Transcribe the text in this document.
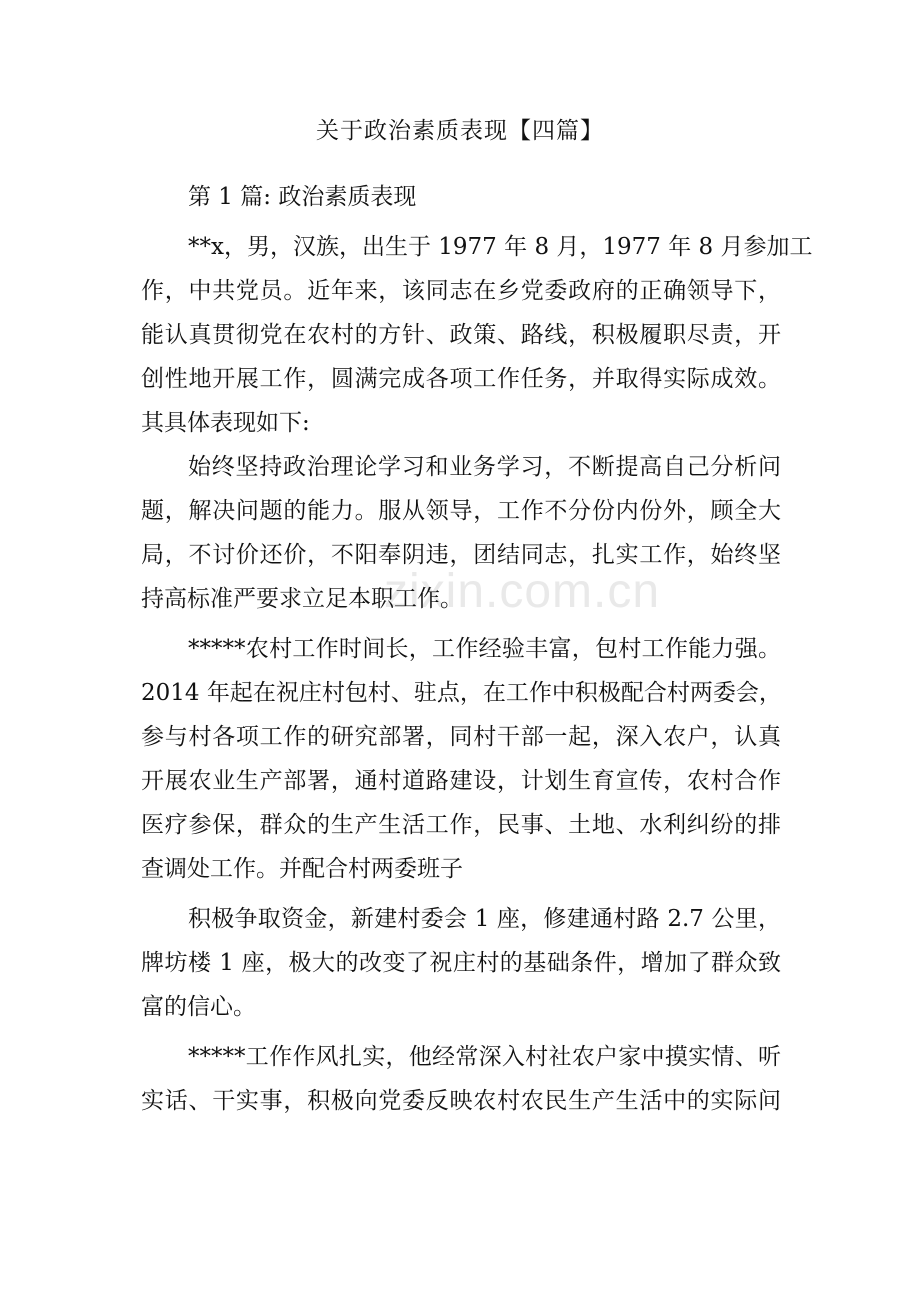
zixin.com.cn
关于政治素质表现【四篇】
第 1 篇: 政治素质表现
**x，男，汉族，出生于 1977 年 8 月，1977 年 8 月参加工
作，中共党员。近年来，该同志在乡党委政府的正确领导下，
能认真贯彻党在农村的方针、政策、路线，积极履职尽责，开
创性地开展工作，圆满完成各项工作任务，并取得实际成效。
其具体表现如下:
始终坚持政治理论学习和业务学习，不断提高自己分析问
题，解决问题的能力。服从领导，工作不分份内份外，顾全大
局，不讨价还价，不阳奉阴违，团结同志，扎实工作，始终坚
持高标准严要求立足本职工作。
*****农村工作时间长，工作经验丰富，包村工作能力强。
2014 年起在祝庄村包村、驻点，在工作中积极配合村两委会，
参与村各项工作的研究部署，同村干部一起，深入农户，认真
开展农业生产部署，通村道路建设，计划生育宣传，农村合作
医疗参保，群众的生产生活工作，民事、土地、水利纠纷的排
查调处工作。并配合村两委班子
积极争取资金，新建村委会 1 座，修建通村路 2.7 公里，
牌坊楼 1 座，极大的改变了祝庄村的基础条件，增加了群众致
富的信心。
*****工作作风扎实，他经常深入村社农户家中摸实情、听
实话、干实事，积极向党委反映农村农民生产生活中的实际问
